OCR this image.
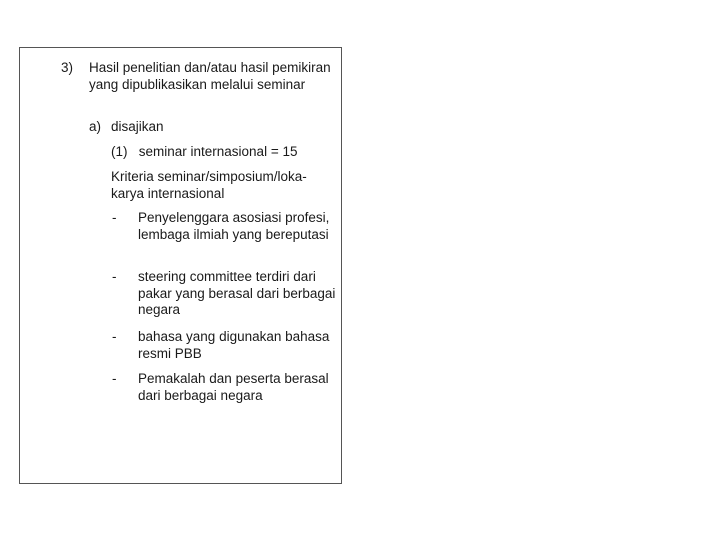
3) Hasil penelitian dan/atau hasil pemikiran yang dipublikasikan melalui seminar
a) disajikan
(1)   seminar internasional = 15
Kriteria seminar/simposium/loka-karya internasional
- Penyelenggara asosiasi profesi, lembaga ilmiah yang bereputasi
- steering committee terdiri dari pakar yang berasal dari berbagai negara
- bahasa yang digunakan bahasa resmi PBB
- Pemakalah dan peserta berasal dari berbagai negara
